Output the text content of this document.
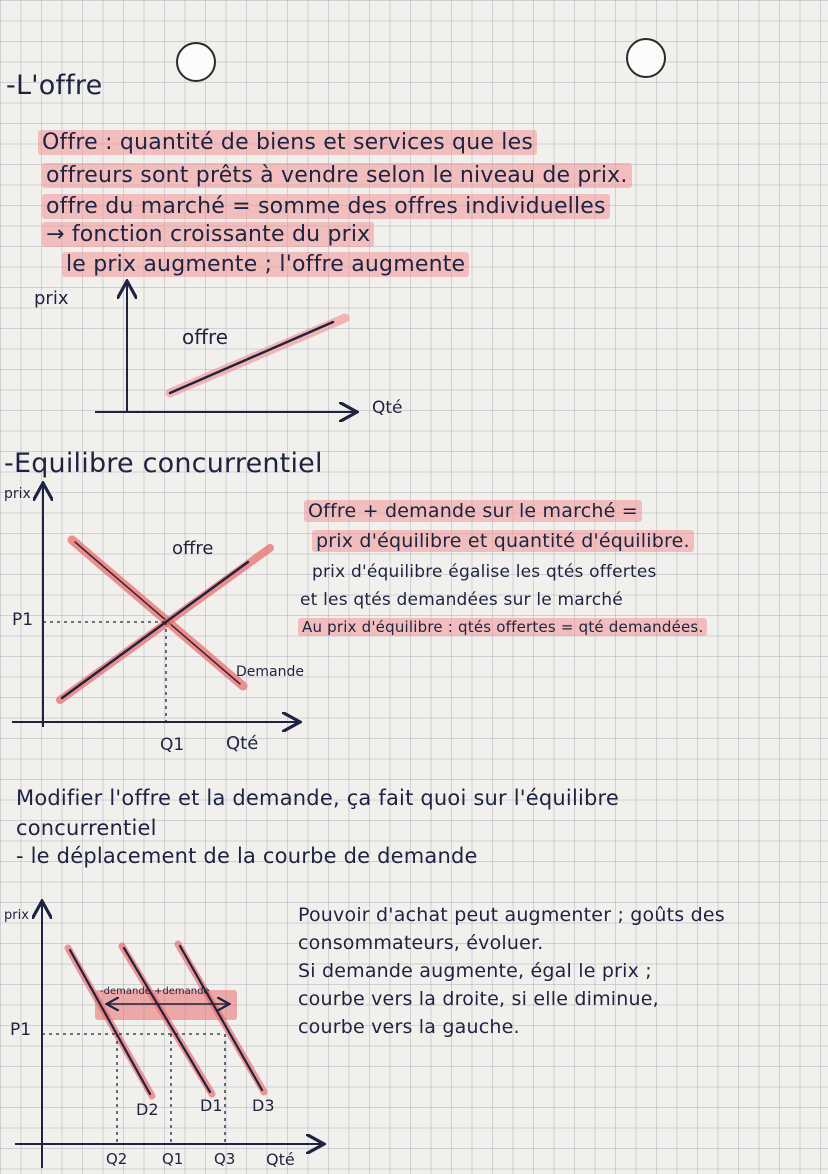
-L'offre
Offre : quantité de biens et services que les
offreurs sont prêts à vendre selon le niveau de prix.
offre du marché = somme des offres individuelles
→ fonction croissante du prix
le prix augmente ; l'offre augmente
prix
Qté
offre
-Equilibre concurrentiel
prix
offre
Demande
P1
Q1 Qté
Offre + demande sur le marché =
prix d'équilibre et quantité d'équilibre.
prix d'équilibre égalise les qtés offertes
et les qtés demandées sur le marché
Au prix d'équilibre : qtés offertes = qté demandées.
Modifier l'offre et la demande, ça fait quoi sur l'équilibre
concurrentiel
- le déplacement de la courbe de demande
prix
P1
-demande +demande
D2	D1 D3
Q2 Q1 Q3 Qté
Pouvoir d'achat peut augmenter ; goûts des
consommateurs, évoluer.
Si demande augmente, égal le prix ;
courbe vers la droite, si elle diminue,
courbe vers la gauche.
